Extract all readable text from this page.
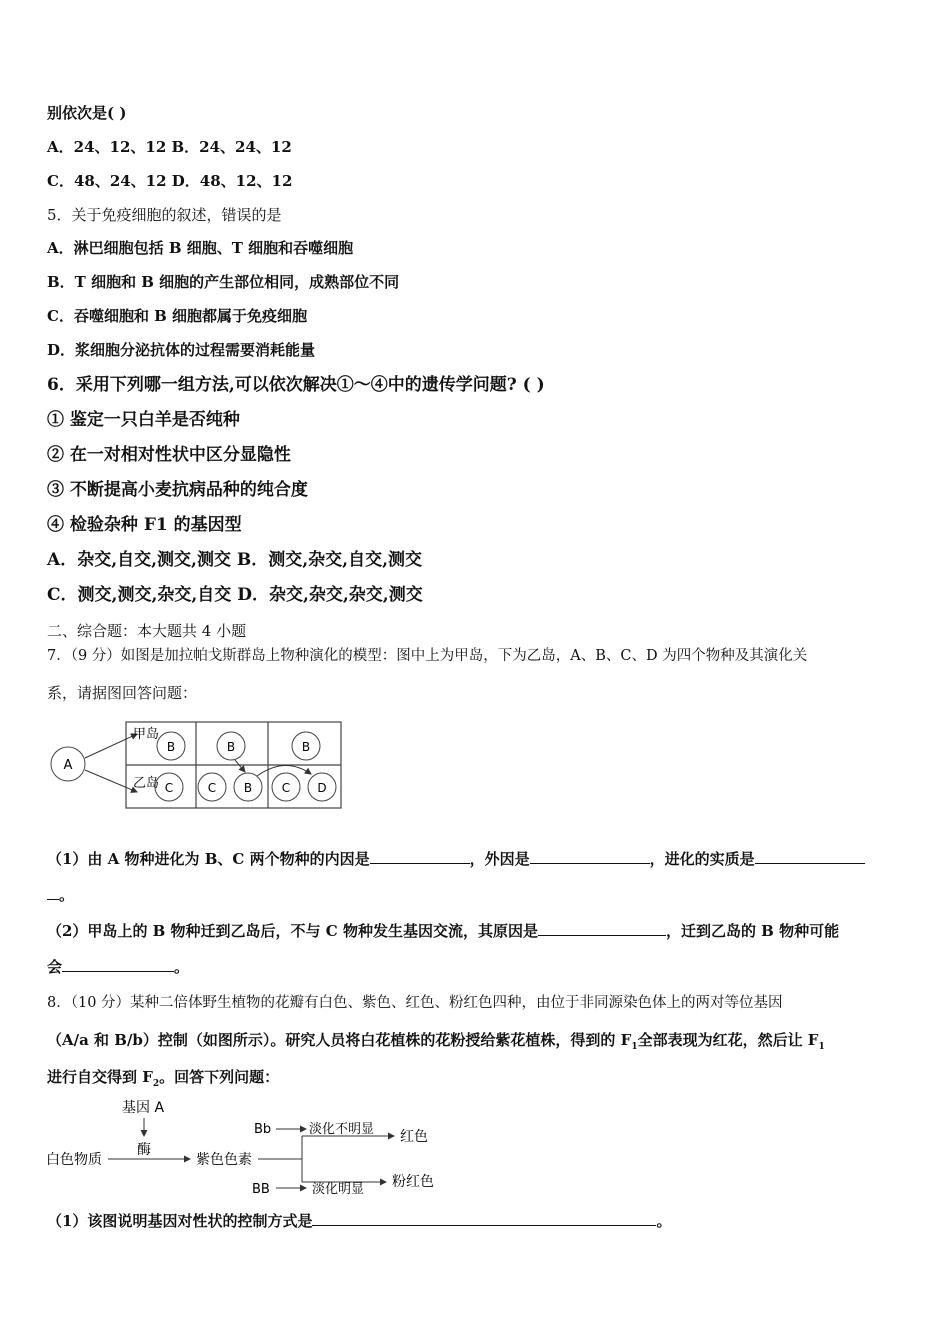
别依次是( )
A．24、12、12 B．24、24、12
C．48、24、12 D．48、12、12
5．关于免疫细胞的叙述，错误的是
A．淋巴细胞包括 B 细胞、T 细胞和吞噬细胞
B．T 细胞和 B 细胞的产生部位相同，成熟部位不同
C．吞噬细胞和 B 细胞都属于免疫细胞
D．浆细胞分泌抗体的过程需要消耗能量
6．采用下列哪一组方法,可以依次解决①～④中的遗传学问题? ( )
① 鉴定一只白羊是否纯种
② 在一对相对性状中区分显隐性
③ 不断提高小麦抗病品种的纯合度
④ 检验杂种 F1 的基因型
A．杂交,自交,测交,测交 B．测交,杂交,自交,测交
C．测交,测交,杂交,自交 D．杂交,杂交,杂交,测交
二、综合题：本大题共 4 小题
7．（9 分）如图是加拉帕戈斯群岛上物种演化的模型：图中上为甲岛，下为乙岛，A、B、C、D 为四个物种及其演化关
系，请据图回答问题：
A
甲岛
乙岛
B	B	B
C	C B C D
（1）由 A 物种进化为 B、C 两个物种的内因是	，外因是	，进化的实质是
。
（2）甲岛上的 B 物种迁到乙岛后，不与 C 物种发生基因交流，其原因是	，迁到乙岛的 B 物种可能
会	。
8．（10 分）某种二倍体野生植物的花瓣有白色、紫色、红色、粉红色四种，由位于非同源染色体上的两对等位基因
（A/a 和 B/b）控制（如图所示）。研究人员将白花植株的花粉授给紫花植株，得到的 $F_1$全部表现为红花，然后让 $F_1$
进行自交得到 $F_2$。回答下列问题：
基因 A
酶
白色物质	紫色色素
Bb	淡化不明显 红色
BB	淡化明显 粉红色
（1）该图说明基因对性状的控制方式是	。
